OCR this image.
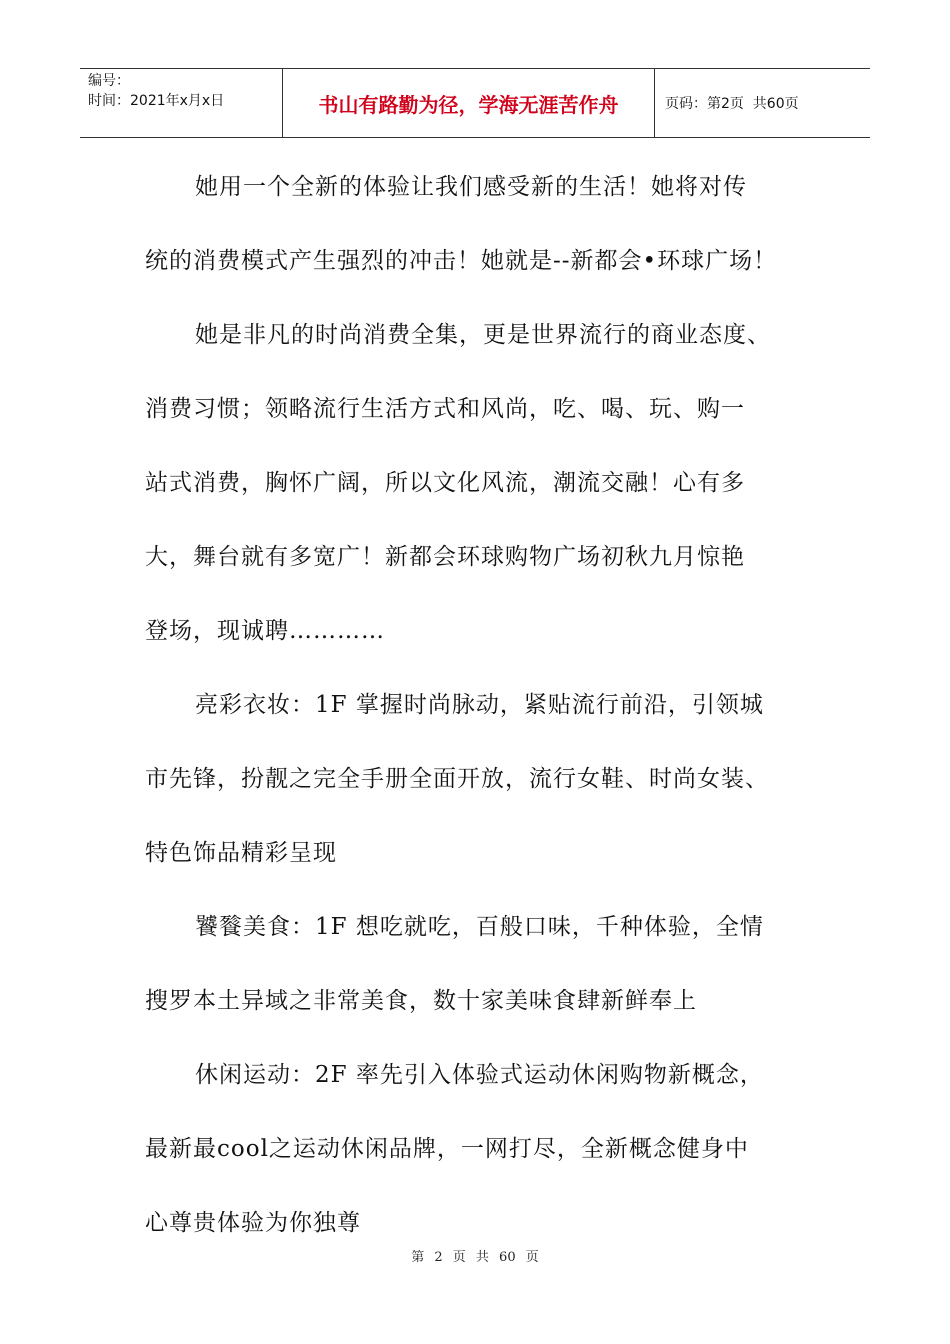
编号：
时间：2021年x月x日	书山有路勤为径，学海无涯苦作舟	页码：第2页  共60页
她用一个全新的体验让我们感受新的生活！她将对传
统的消费模式产生强烈的冲击！她就是--新都会•环球广场！
她是非凡的时尚消费全集，更是世界流行的商业态度、
消费习惯；领略流行生活方式和风尚，吃、喝、玩、购一
站式消费，胸怀广阔，所以文化风流，潮流交融！心有多
大，舞台就有多宽广！新都会环球购物广场初秋九月惊艳
登场，现诚聘…………
亮彩衣妆：1F 掌握时尚脉动，紧贴流行前沿，引领城
市先锋，扮靓之完全手册全面开放，流行女鞋、时尚女装、
特色饰品精彩呈现
饕餮美食：1F 想吃就吃，百般口味，千种体验，全情
搜罗本土异域之非常美食，数十家美味食肆新鲜奉上
休闲运动：2F 率先引入体验式运动休闲购物新概念，
最新最cool之运动休闲品牌，一网打尽，全新概念健身中
心尊贵体验为你独尊
第 2 页 共 60 页
